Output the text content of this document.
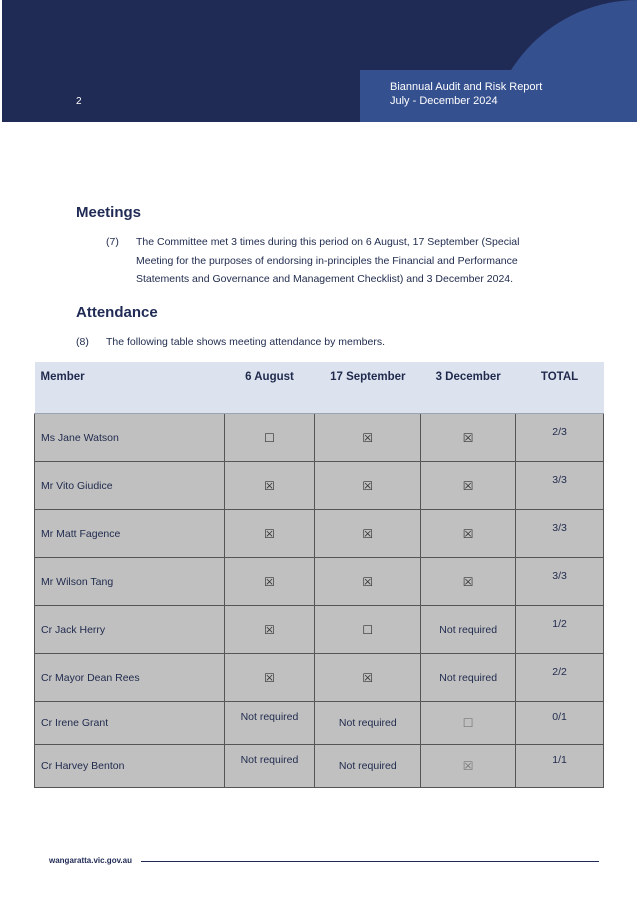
2
Biannual Audit and Risk Report
July - December 2024
Meetings
(7) The Committee met 3 times during this period on 6 August, 17 September (Special Meeting for the purposes of endorsing in-principles the Financial and Performance Statements and Governance and Management Checklist) and 3 December 2024.
Attendance
(8) The following table shows meeting attendance by members.
Member	6 August	17 September	3 December	TOTAL
Ms Jane Watson	☐	☒	☒	2/3
Mr Vito Giudice	☒	☒	☒	3/3
Mr Matt Fagence	☒	☒	☒	3/3
Mr Wilson Tang	☒	☒	☒	3/3
Cr Jack Herry	☒	☐	Not required	1/2
Cr Mayor Dean Rees	☒	☒	Not required	2/2
Cr Irene Grant	Not required	Not required	☐	0/1
Cr Harvey Benton	Not required	Not required	☒	1/1
wangaratta.vic.gov.au
